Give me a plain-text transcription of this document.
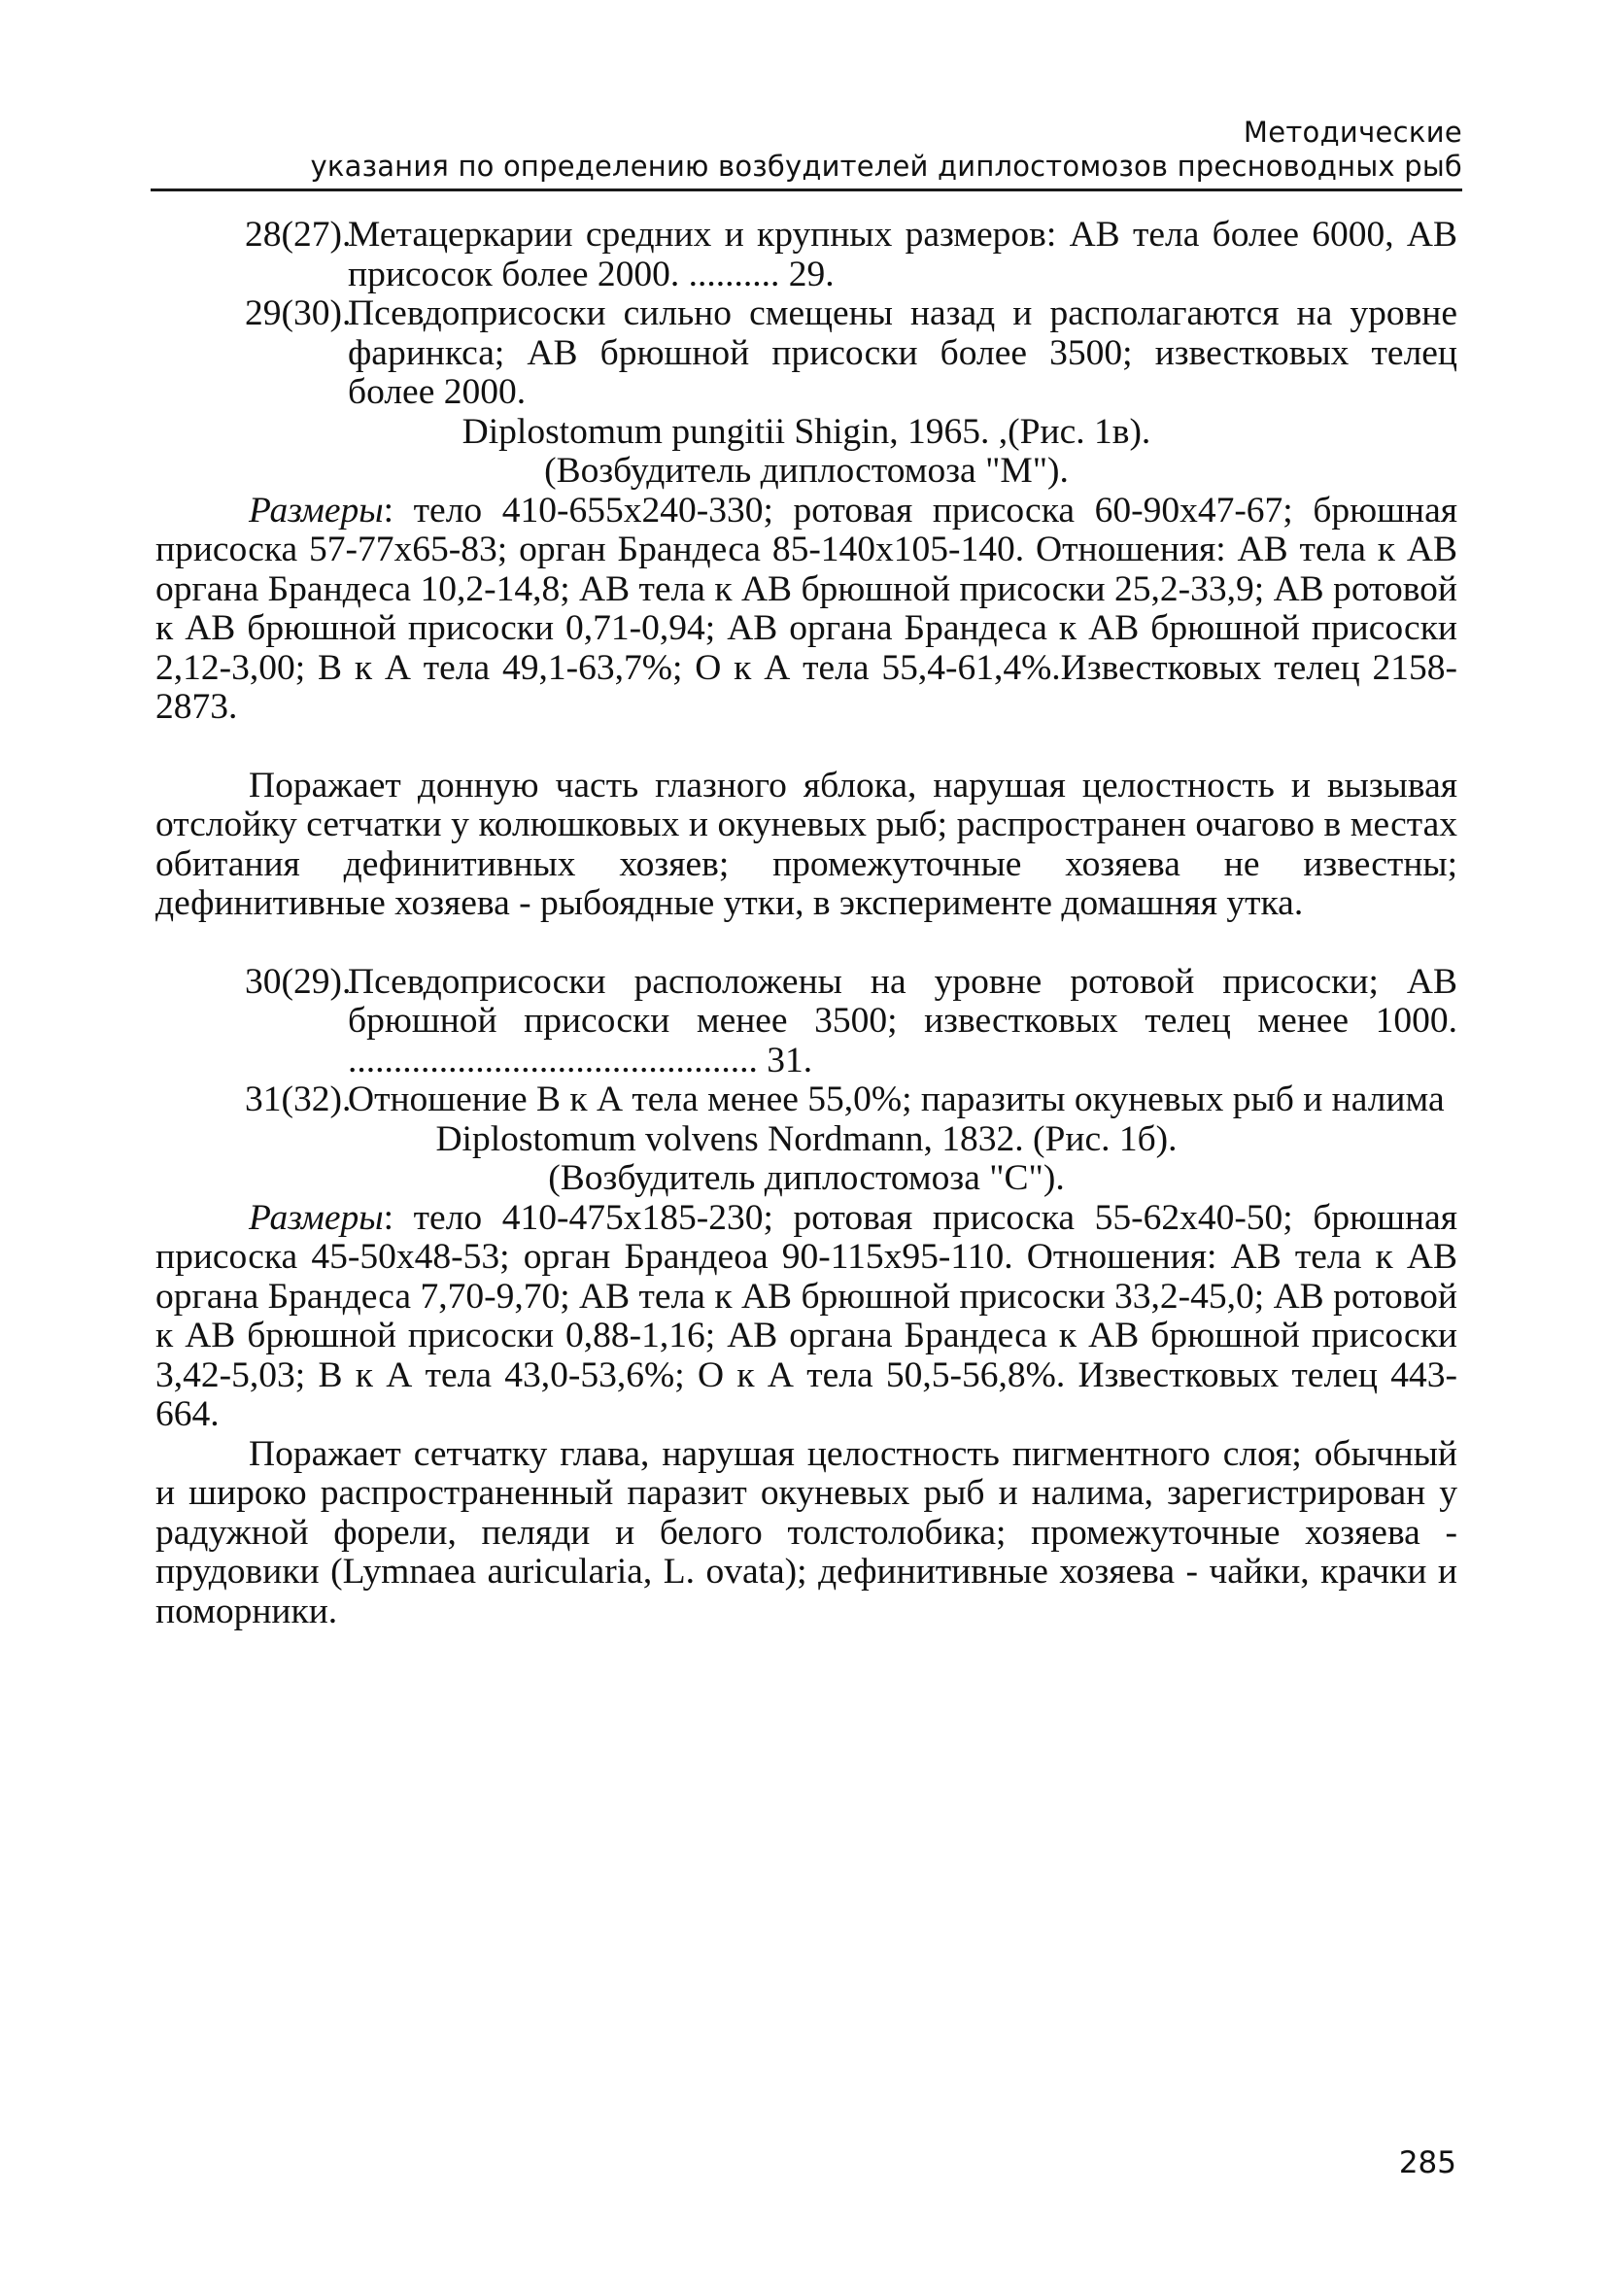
Методические
указания по определению возбудителей диплостомозов пресноводных рыб
28(27).
Метацеркарии средних и крупных размеров: АВ тела более 6000, АВ присосок более 2000. .......... 29.
29(30).
Псевдоприсоски сильно смещены назад и располагаются на уровне фаринкса; АВ брюшной присоски более 3500; известковых телец более 2000.
Diplostomum pungitii Shigin, 1965. ,(Рис. 1в).
(Возбудитель диплостомоза "М").
Размеры: тело 410-655х240-330; ротовая присоска 60-90х47-67; брюшная присоска 57-77х65-83; орган Брандеса 85-140х105-140. Отношения: АВ тела к АВ органа Брандеса 10,2-14,8; АВ тела к АВ брюшной присоски 25,2-33,9; АВ ротовой к АВ брюшной присоски 0,71-0,94; АВ органа Брандеса к АВ брюшной присоски 2,12-3,00; В к А тела 49,1-63,7%; О к А тела 55,4-61,4%.Известковых телец 2158-2873.
Поражает донную часть глазного яблока, нарушая целостность и вызывая отслойку сетчатки у колюшковых и окуневых рыб; распространен очагово в местах обитания дефинитивных хозяев; промежуточные хозяева не известны; дефинитивные хозяева - рыбоядные утки, в эксперименте домашняя утка.
30(29).
Псевдоприсоски расположены на уровне ротовой присоски; АВ брюшной присоски менее 3500; известковых телец менее 1000. ............................................. 31.
31(32).
Отношение В к А тела менее 55,0%; паразиты окуневых рыб и налима
Diplostomum volvens Nordmann, 1832. (Рис. 1б).
(Возбудитель диплостомоза "С").
Размеры: тело 410-475х185-230; ротовая присоска 55-62х40-50; брюшная присоска 45-50х48-53; орган Брандеоа 90-115х95-110. Отношения: АВ тела к АВ органа Брандеса 7,70-9,70; АВ тела к АВ брюшной присоски 33,2-45,0; АВ ротовой к АВ брюшной присоски 0,88-1,16; АВ органа Брандеса к АВ брюшной присоски 3,42-5,03; В к А тела 43,0-53,6%; О к А тела 50,5-56,8%. Известковых телец 443-664.
Поражает сетчатку глава, нарушая целостность пигментного слоя; обычный и широко распространенный паразит окуневых рыб и налима, зарегистрирован у радужной форели, пеляди и белого толстолобика; промежуточные хозяева - прудовики (Lymnaea auricularia, L. ovata); дефинитивные хозяева - чайки, крачки и поморники.
285
